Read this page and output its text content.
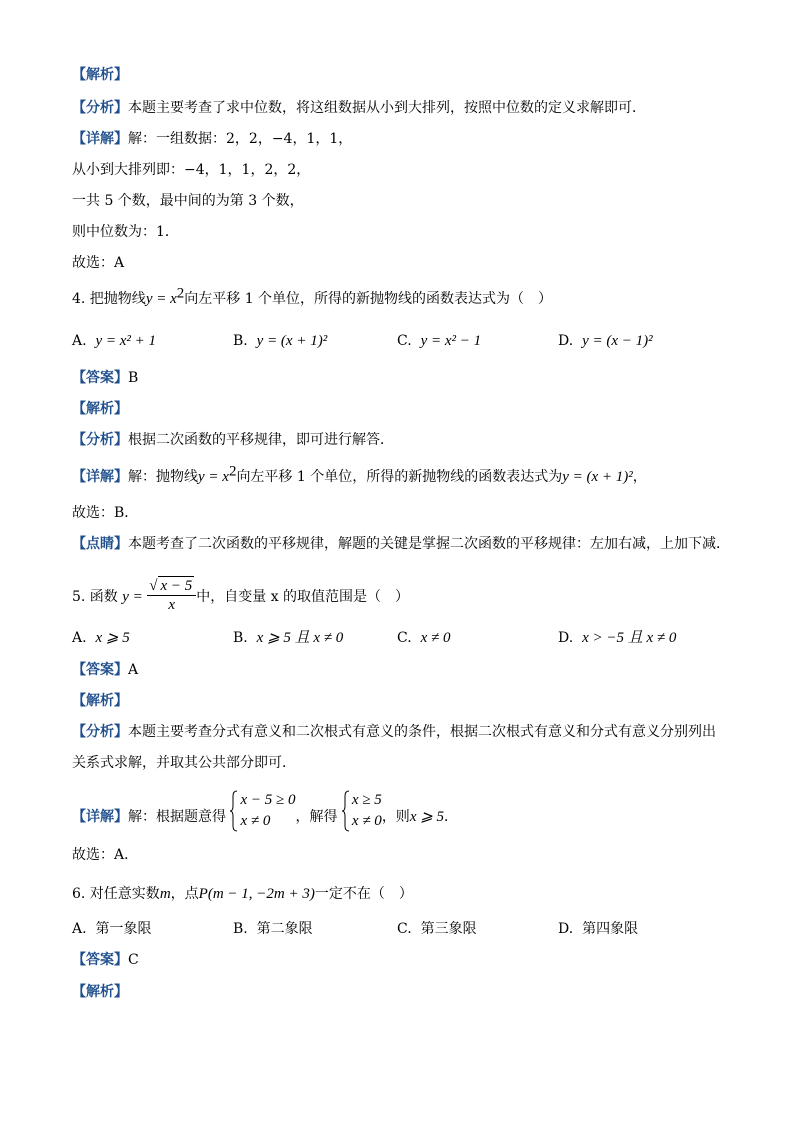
【解析】
【分析】本题主要考查了求中位数，将这组数据从小到大排列，按照中位数的定义求解即可．
【详解】解：一组数据：2，2，−4，1，1，
从小到大排列即：−4，1，1，2，2，
一共 5 个数，最中间的为第 3 个数，
则中位数为：1．
故选：A
4. 把抛物线$y = x^2$向左平移 1 个单位，所得的新抛物线的函数表达式为（　）
A. y = x² + 1	B. y = (x + 1)²	C. y = x² − 1	D. y = (x − 1)²
【答案】B
【解析】
【分析】根据二次函数的平移规律，即可进行解答．
【详解】解：抛物线$y = x^2$向左平移 1 个单位，所得的新抛物线的函数表达式为y = (x + 1)²，
故选：B．
【点睛】本题考查了二次函数的平移规律，解题的关键是掌握二次函数的平移规律：左加右减，上加下减．
5. 函数 $y = \frac{√ x - 5}{x}$ 中，自变量 x 的取值范围是（　）
A. x ⩾ 5	B. x ⩾ 5 且 x ≠ 0	C. x ≠ 0	D. x > −5 且 x ≠ 0
【答案】A
【解析】
【分析】本题主要考查分式有意义和二次根式有意义的条件，根据二次根式有意义和分式有意义分别列出
关系式求解，并取其公共部分即可．
【详解】解：根据题意得
x − 5 ≥ 0
x ≠ 0	，解得
x ≥ 5
x ≠ 0 ，则x ⩾ 5．
故选：A．
6. 对任意实数m，点P(m − 1, −2m + 3)一定不在（　）
A. 第一象限	B. 第二象限	C. 第三象限	D. 第四象限
【答案】C
【解析】
